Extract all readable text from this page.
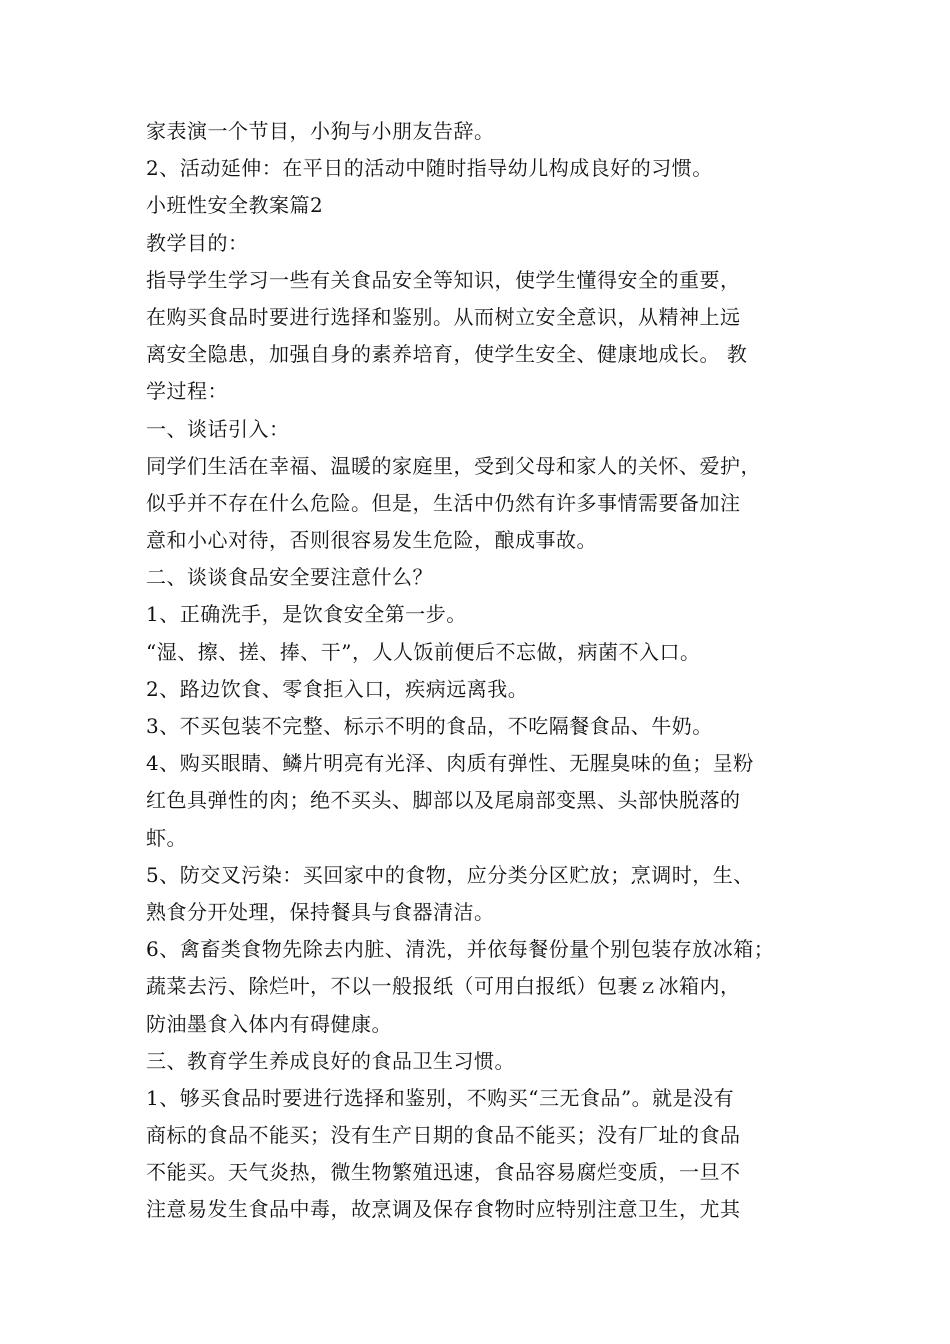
家表演一个节目，小狗与小朋友告辞。
2、活动延伸：在平日的活动中随时指导幼儿构成良好的习惯。
小班性安全教案篇2
教学目的：
指导学生学习一些有关食品安全等知识，使学生懂得安全的重要，
在购买食品时要进行选择和鉴别。从而树立安全意识，从精神上远
离安全隐患，加强自身的素养培育，使学生安全、健康地成长。 教
学过程：
一、谈话引入：
同学们生活在幸福、温暖的家庭里，受到父母和家人的关怀、爱护，
似乎并不存在什么危险。但是，生活中仍然有许多事情需要备加注
意和小心对待，否则很容易发生危险，酿成事故。
二、谈谈食品安全要注意什么？
1、正确洗手，是饮食安全第一步。
“湿、擦、搓、捧、干”，人人饭前便后不忘做，病菌不入口。
2、路边饮食、零食拒入口，疾病远离我。
3、不买包装不完整、标示不明的食品，不吃隔餐食品、牛奶。
4、购买眼睛、鳞片明亮有光泽、肉质有弹性、无腥臭味的鱼；呈粉
红色具弹性的肉；绝不买头、脚部以及尾扇部变黑、头部快脱落的
虾。
5、防交叉污染：买回家中的食物，应分类分区贮放；烹调时，生、
熟食分开处理，保持餐具与食器清洁。
6、禽畜类食物先除去内脏、清洗，并依每餐份量个别包装存放冰箱；
蔬菜去污、除烂叶，不以一般报纸（可用白报纸）包裹ｚ冰箱内，
防油墨食入体内有碍健康。
三、教育学生养成良好的食品卫生习惯。
1、够买食品时要进行选择和鉴别，不购买“三无食品”。就是没有
商标的食品不能买；没有生产日期的食品不能买；没有厂址的食品
不能买。天气炎热，微生物繁殖迅速，食品容易腐烂变质，一旦不
注意易发生食品中毒，故烹调及保存食物时应特别注意卫生，尤其
